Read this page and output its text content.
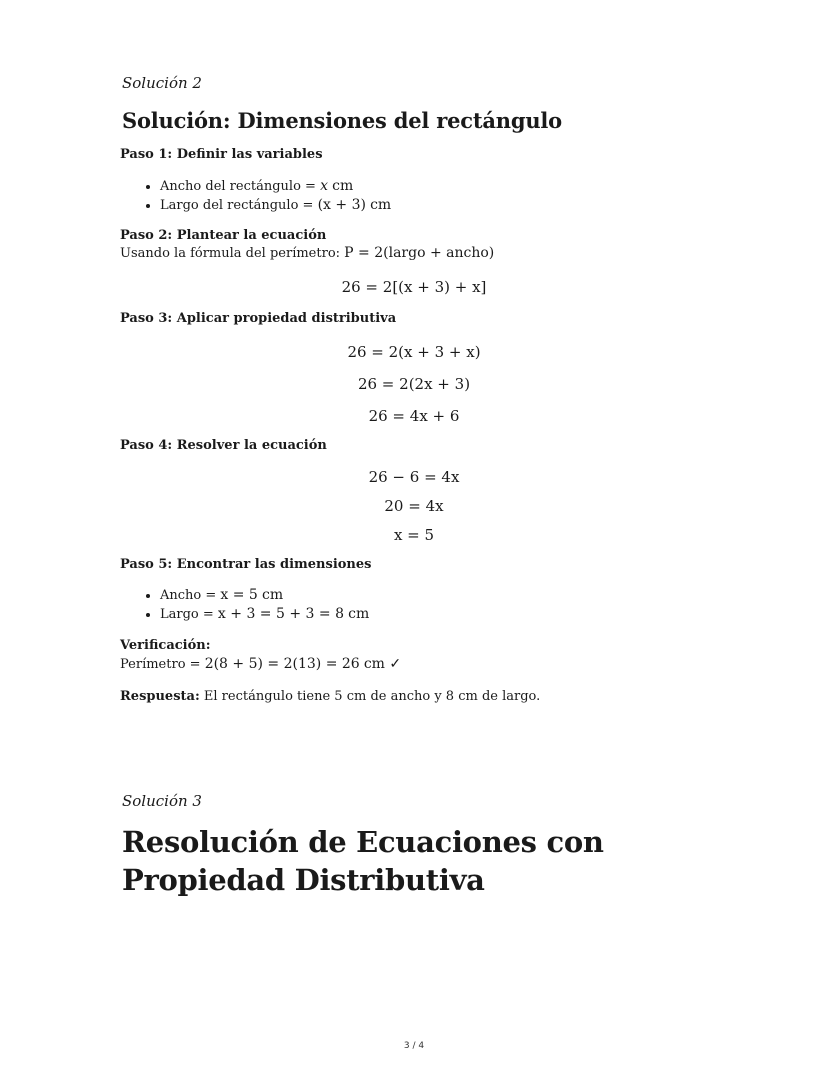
Solución 2
Solución: Dimensiones del rectángulo
Paso 1: Definir las variables
• Ancho del rectángulo = x cm
• Largo del rectángulo = (x + 3) cm
Paso 2: Plantear la ecuación
Usando la fórmula del perímetro: P = 2(largo + ancho)
26 = 2[(x + 3) + x]
Paso 3: Aplicar propiedad distributiva
26 = 2(x + 3 + x)
26 = 2(2x + 3)
26 = 4x + 6
Paso 4: Resolver la ecuación
26 − 6 = 4x
20 = 4x
x = 5
Paso 5: Encontrar las dimensiones
• Ancho = x = 5 cm
• Largo = x + 3 = 5 + 3 = 8 cm
Verificación:
Perímetro = 2(8 + 5) = 2(13) = 26 cm ✓
Respuesta: El rectángulo tiene 5 cm de ancho y 8 cm de largo.
Solución 3
Resolución de Ecuaciones con Propiedad Distributiva
3 / 4
